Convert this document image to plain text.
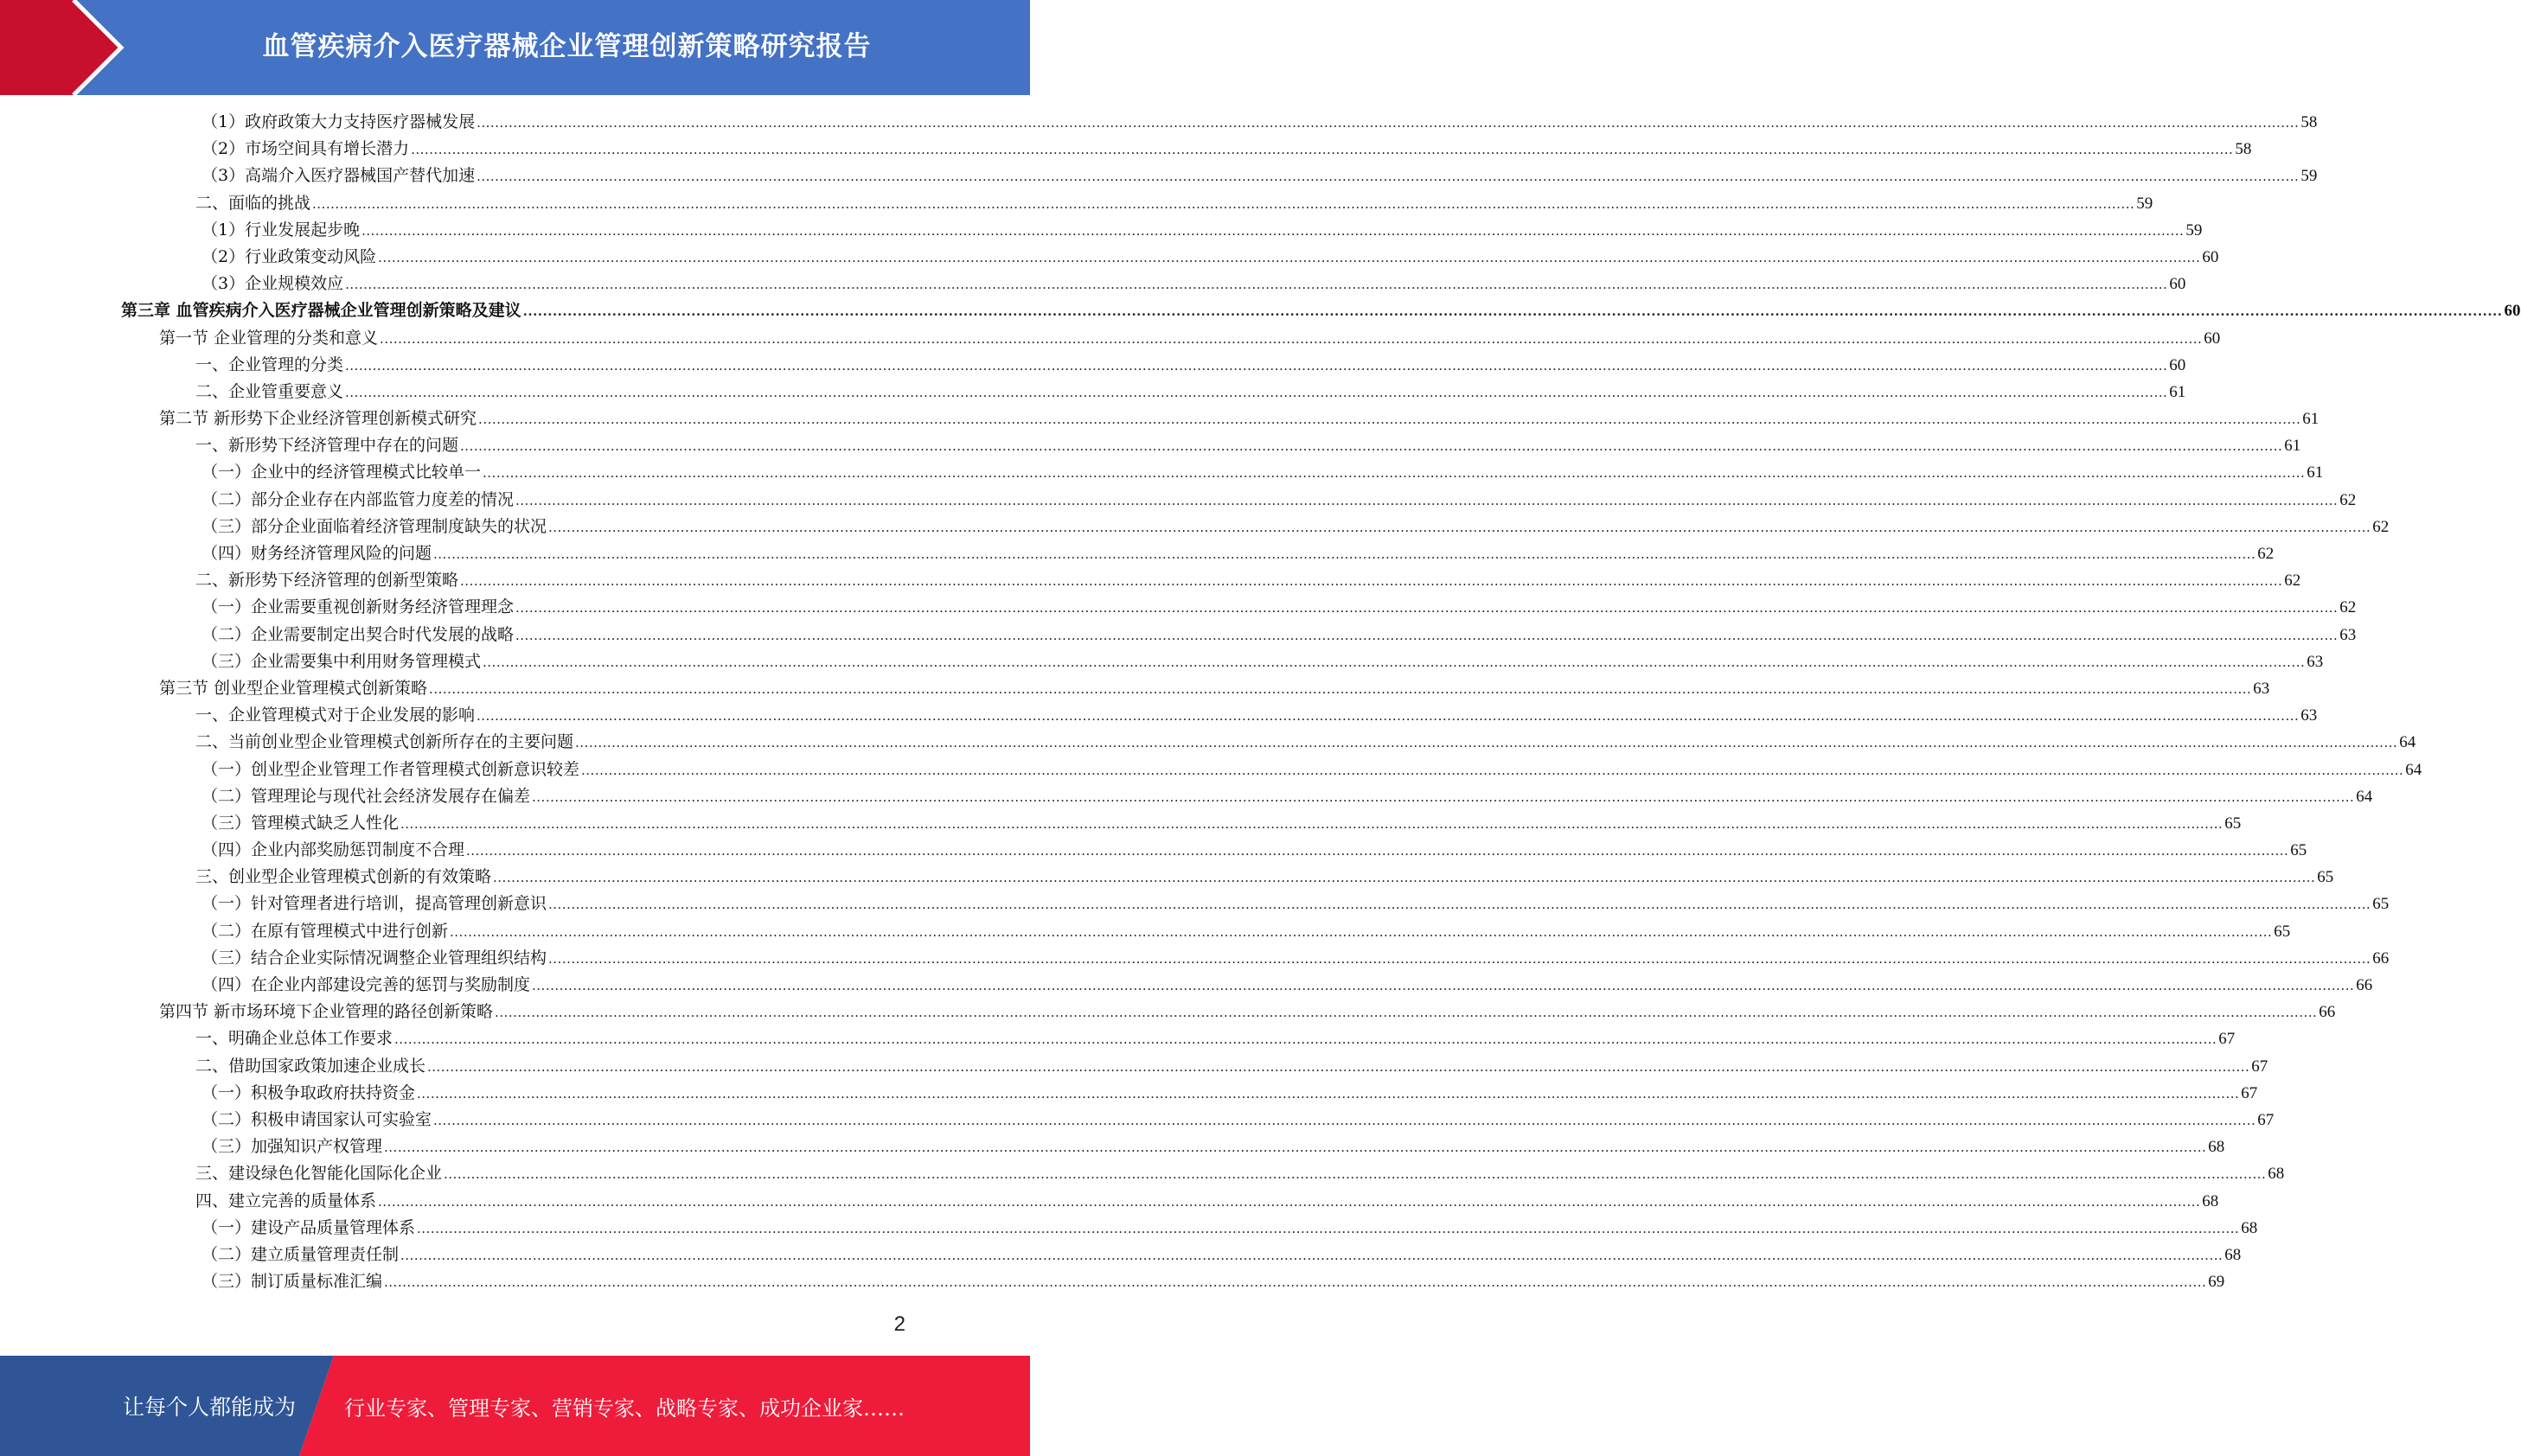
血管疾病介入医疗器械企业管理创新策略研究报告
（1）政府政策大力支持医疗器械发展 ................................................................................................................................................................................................................................................................................................................................................................................................................ 58
（2）市场空间具有增长潜力 ................................................................................................................................................................................................................................................................................................................................................................................................................ 58
（3）高端介入医疗器械国产替代加速 ................................................................................................................................................................................................................................................................................................................................................................................................................ 59
二、面临的挑战 ................................................................................................................................................................................................................................................................................................................................................................................................................ 59
（1）行业发展起步晚 ................................................................................................................................................................................................................................................................................................................................................................................................................ 59
（2）行业政策变动风险 ................................................................................................................................................................................................................................................................................................................................................................................................................ 60
（3）企业规模效应 ................................................................................................................................................................................................................................................................................................................................................................................................................ 60
第三章 血管疾病介入医疗器械企业管理创新策略及建议 ................................................................................................................................................................................................................................................................................................................................................................................................................ 60
第一节 企业管理的分类和意义 ................................................................................................................................................................................................................................................................................................................................................................................................................ 60
一、企业管理的分类 ................................................................................................................................................................................................................................................................................................................................................................................................................ 60
二、企业管重要意义 ................................................................................................................................................................................................................................................................................................................................................................................................................ 61
第二节 新形势下企业经济管理创新模式研究 ................................................................................................................................................................................................................................................................................................................................................................................................................ 61
一、新形势下经济管理中存在的问题 ................................................................................................................................................................................................................................................................................................................................................................................................................ 61
（一）企业中的经济管理模式比较单一 ................................................................................................................................................................................................................................................................................................................................................................................................................ 61
（二）部分企业存在内部监管力度差的情况 ................................................................................................................................................................................................................................................................................................................................................................................................................ 62
（三）部分企业面临着经济管理制度缺失的状况 ................................................................................................................................................................................................................................................................................................................................................................................................................ 62
（四）财务经济管理风险的问题 ................................................................................................................................................................................................................................................................................................................................................................................................................ 62
二、新形势下经济管理的创新型策略 ................................................................................................................................................................................................................................................................................................................................................................................................................ 62
（一）企业需要重视创新财务经济管理理念 ................................................................................................................................................................................................................................................................................................................................................................................................................ 62
（二）企业需要制定出契合时代发展的战略 ................................................................................................................................................................................................................................................................................................................................................................................................................ 63
（三）企业需要集中利用财务管理模式 ................................................................................................................................................................................................................................................................................................................................................................................................................ 63
第三节 创业型企业管理模式创新策略 ................................................................................................................................................................................................................................................................................................................................................................................................................ 63
一、企业管理模式对于企业发展的影响 ................................................................................................................................................................................................................................................................................................................................................................................................................ 63
二、当前创业型企业管理模式创新所存在的主要问题 ................................................................................................................................................................................................................................................................................................................................................................................................................ 64
（一）创业型企业管理工作者管理模式创新意识较差 ................................................................................................................................................................................................................................................................................................................................................................................................................ 64
（二）管理理论与现代社会经济发展存在偏差 ................................................................................................................................................................................................................................................................................................................................................................................................................ 64
（三）管理模式缺乏人性化 ................................................................................................................................................................................................................................................................................................................................................................................................................ 65
（四）企业内部奖励惩罚制度不合理 ................................................................................................................................................................................................................................................................................................................................................................................................................ 65
三、创业型企业管理模式创新的有效策略 ................................................................................................................................................................................................................................................................................................................................................................................................................ 65
（一）针对管理者进行培训，提高管理创新意识 ................................................................................................................................................................................................................................................................................................................................................................................................................ 65
（二）在原有管理模式中进行创新 ................................................................................................................................................................................................................................................................................................................................................................................................................ 65
（三）结合企业实际情况调整企业管理组织结构 ................................................................................................................................................................................................................................................................................................................................................................................................................ 66
（四）在企业内部建设完善的惩罚与奖励制度 ................................................................................................................................................................................................................................................................................................................................................................................................................ 66
第四节 新市场环境下企业管理的路径创新策略 ................................................................................................................................................................................................................................................................................................................................................................................................................ 66
一、明确企业总体工作要求 ................................................................................................................................................................................................................................................................................................................................................................................................................ 67
二、借助国家政策加速企业成长 ................................................................................................................................................................................................................................................................................................................................................................................................................ 67
（一）积极争取政府扶持资金 ................................................................................................................................................................................................................................................................................................................................................................................................................ 67
（二）积极申请国家认可实验室 ................................................................................................................................................................................................................................................................................................................................................................................................................ 67
（三）加强知识产权管理 ................................................................................................................................................................................................................................................................................................................................................................................................................ 68
三、建设绿色化智能化国际化企业 ................................................................................................................................................................................................................................................................................................................................................................................................................ 68
四、建立完善的质量体系 ................................................................................................................................................................................................................................................................................................................................................................................................................ 68
（一）建设产品质量管理体系 ................................................................................................................................................................................................................................................................................................................................................................................................................ 68
（二）建立质量管理责任制 ................................................................................................................................................................................................................................................................................................................................................................................................................ 68
（三）制订质量标准汇编 ................................................................................................................................................................................................................................................................................................................................................................................................................ 69
2
让每个人都能成为 行业专家、管理专家、营销专家、战略专家、成功企业家……
